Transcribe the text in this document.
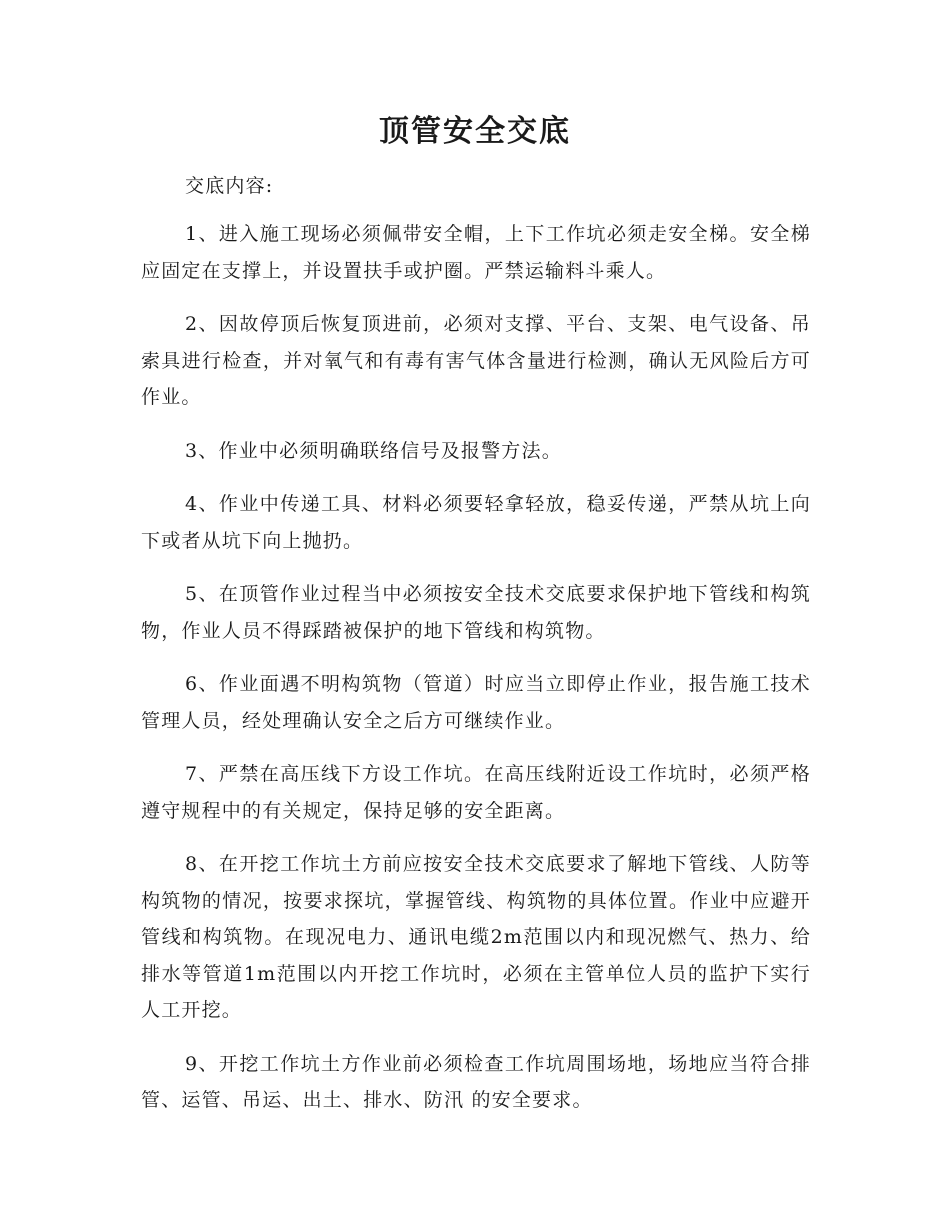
顶管安全交底

交底内容:

1、进入施工现场必须佩带安全帽，上下工作坑必须走安全梯。安全梯应固定在支撑上，并设置扶手或护圈。严禁运输料斗乘人。

2、因故停顶后恢复顶进前，必须对支撑、平台、支架、电气设备、吊索具进行检查，并对氧气和有毒有害气体含量进行检测，确认无风险后方可作业。

3、作业中必须明确联络信号及报警方法。

4、作业中传递工具、材料必须要轻拿轻放，稳妥传递，严禁从坑上向下或者从坑下向上抛扔。

5、在顶管作业过程当中必须按安全技术交底要求保护地下管线和构筑物，作业人员不得踩踏被保护的地下管线和构筑物。

6、作业面遇不明构筑物（管道）时应当立即停止作业，报告施工技术管理人员，经处理确认安全之后方可继续作业。

7、严禁在高压线下方设工作坑。在高压线附近设工作坑时，必须严格遵守规程中的有关规定，保持足够的安全距离。

8、在开挖工作坑土方前应按安全技术交底要求了解地下管线、人防等构筑物的情况，按要求探坑，掌握管线、构筑物的具体位置。作业中应避开管线和构筑物。在现况电力、通讯电缆2m范围以内和现况燃气、热力、给排水等管道1m范围以内开挖工作坑时，必须在主管单位人员的监护下实行人工开挖。

9、开挖工作坑土方作业前必须检查工作坑周围场地，场地应当符合排管、运管、吊运、出土、排水、防汛 的安全要求。
